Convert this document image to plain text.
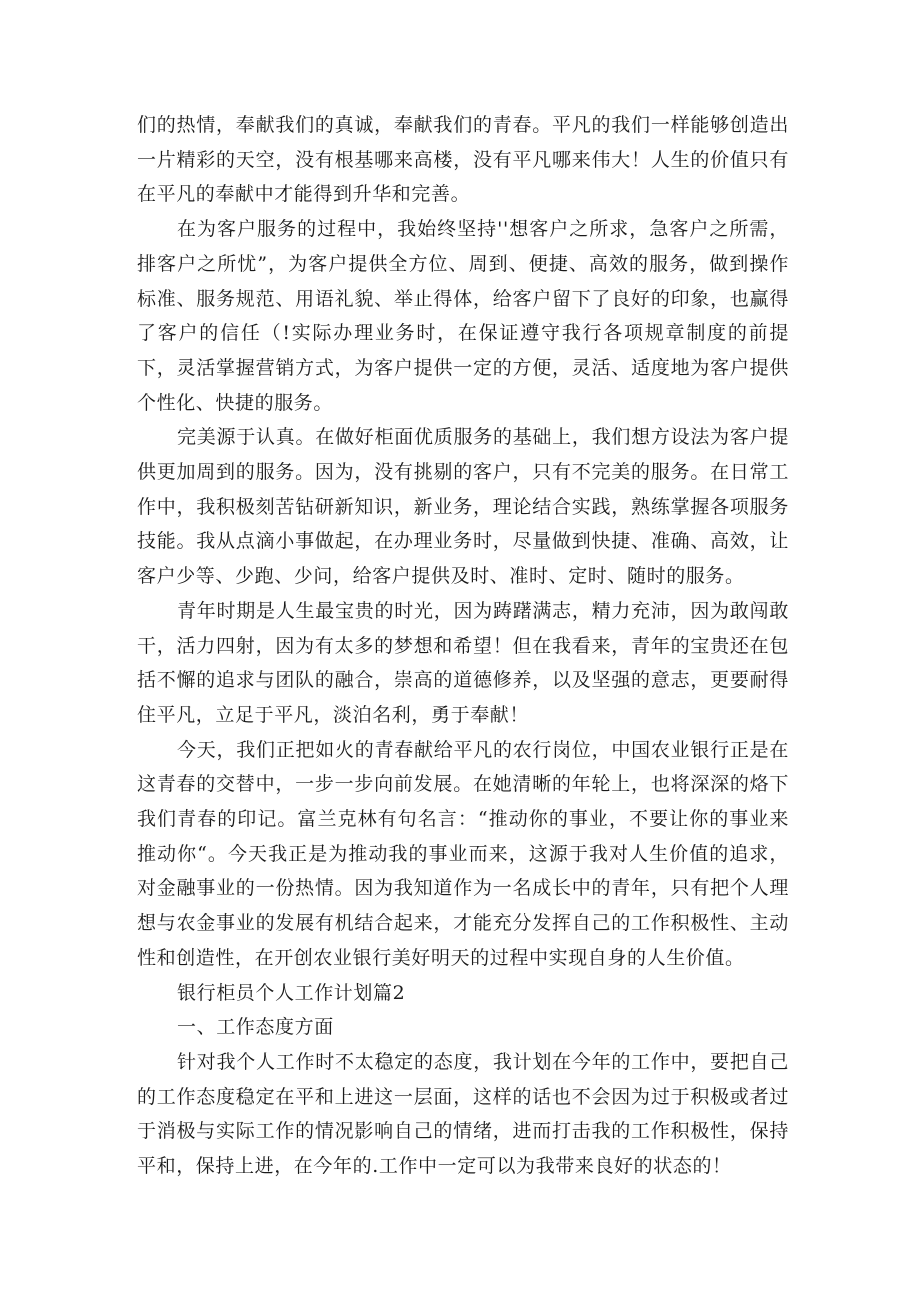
们的热情，奉献我们的真诚，奉献我们的青春。平凡的我们一样能够创造出一片精彩的天空，没有根基哪来高楼，没有平凡哪来伟大！人生的价值只有在平凡的奉献中才能得到升华和完善。

在为客户服务的过程中，我始终坚持''想客户之所求，急客户之所需，排客户之所忧”，为客户提供全方位、周到、便捷、高效的服务，做到操作标准、服务规范、用语礼貌、举止得体，给客户留下了良好的印象，也赢得了客户的信任（!实际办理业务时，在保证遵守我行各项规章制度的前提下，灵活掌握营销方式，为客户提供一定的方便，灵活、适度地为客户提供个性化、快捷的服务。

完美源于认真。在做好柜面优质服务的基础上，我们想方设法为客户提供更加周到的服务。因为，没有挑剔的客户，只有不完美的服务。在日常工作中，我积极刻苦钻研新知识，新业务，理论结合实践，熟练掌握各项服务技能。我从点滴小事做起，在办理业务时，尽量做到快捷、准确、高效，让客户少等、少跑、少问，给客户提供及时、准时、定时、随时的服务。

青年时期是人生最宝贵的时光，因为踌躇满志，精力充沛，因为敢闯敢干，活力四射，因为有太多的梦想和希望！但在我看来，青年的宝贵还在包括不懈的追求与团队的融合，崇高的道德修养，以及坚强的意志，更要耐得住平凡，立足于平凡，淡泊名利，勇于奉献！

今天，我们正把如火的青春献给平凡的农行岗位，中国农业银行正是在这青春的交替中，一步一步向前发展。在她清晰的年轮上，也将深深的烙下我们青春的印记。富兰克林有句名言：“推动你的事业，不要让你的事业来推动你“。今天我正是为推动我的事业而来，这源于我对人生价值的追求，对金融事业的一份热情。因为我知道作为一名成长中的青年，只有把个人理想与农金事业的发展有机结合起来，才能充分发挥自己的工作积极性、主动性和创造性，在开创农业银行美好明天的过程中实现自身的人生价值。

银行柜员个人工作计划篇2

一、工作态度方面

针对我个人工作时不太稳定的态度，我计划在今年的工作中，要把自己的工作态度稳定在平和上进这一层面，这样的话也不会因为过于积极或者过于消极与实际工作的情况影响自己的情绪，进而打击我的工作积极性，保持平和，保持上进，在今年的.工作中一定可以为我带来良好的状态的！
